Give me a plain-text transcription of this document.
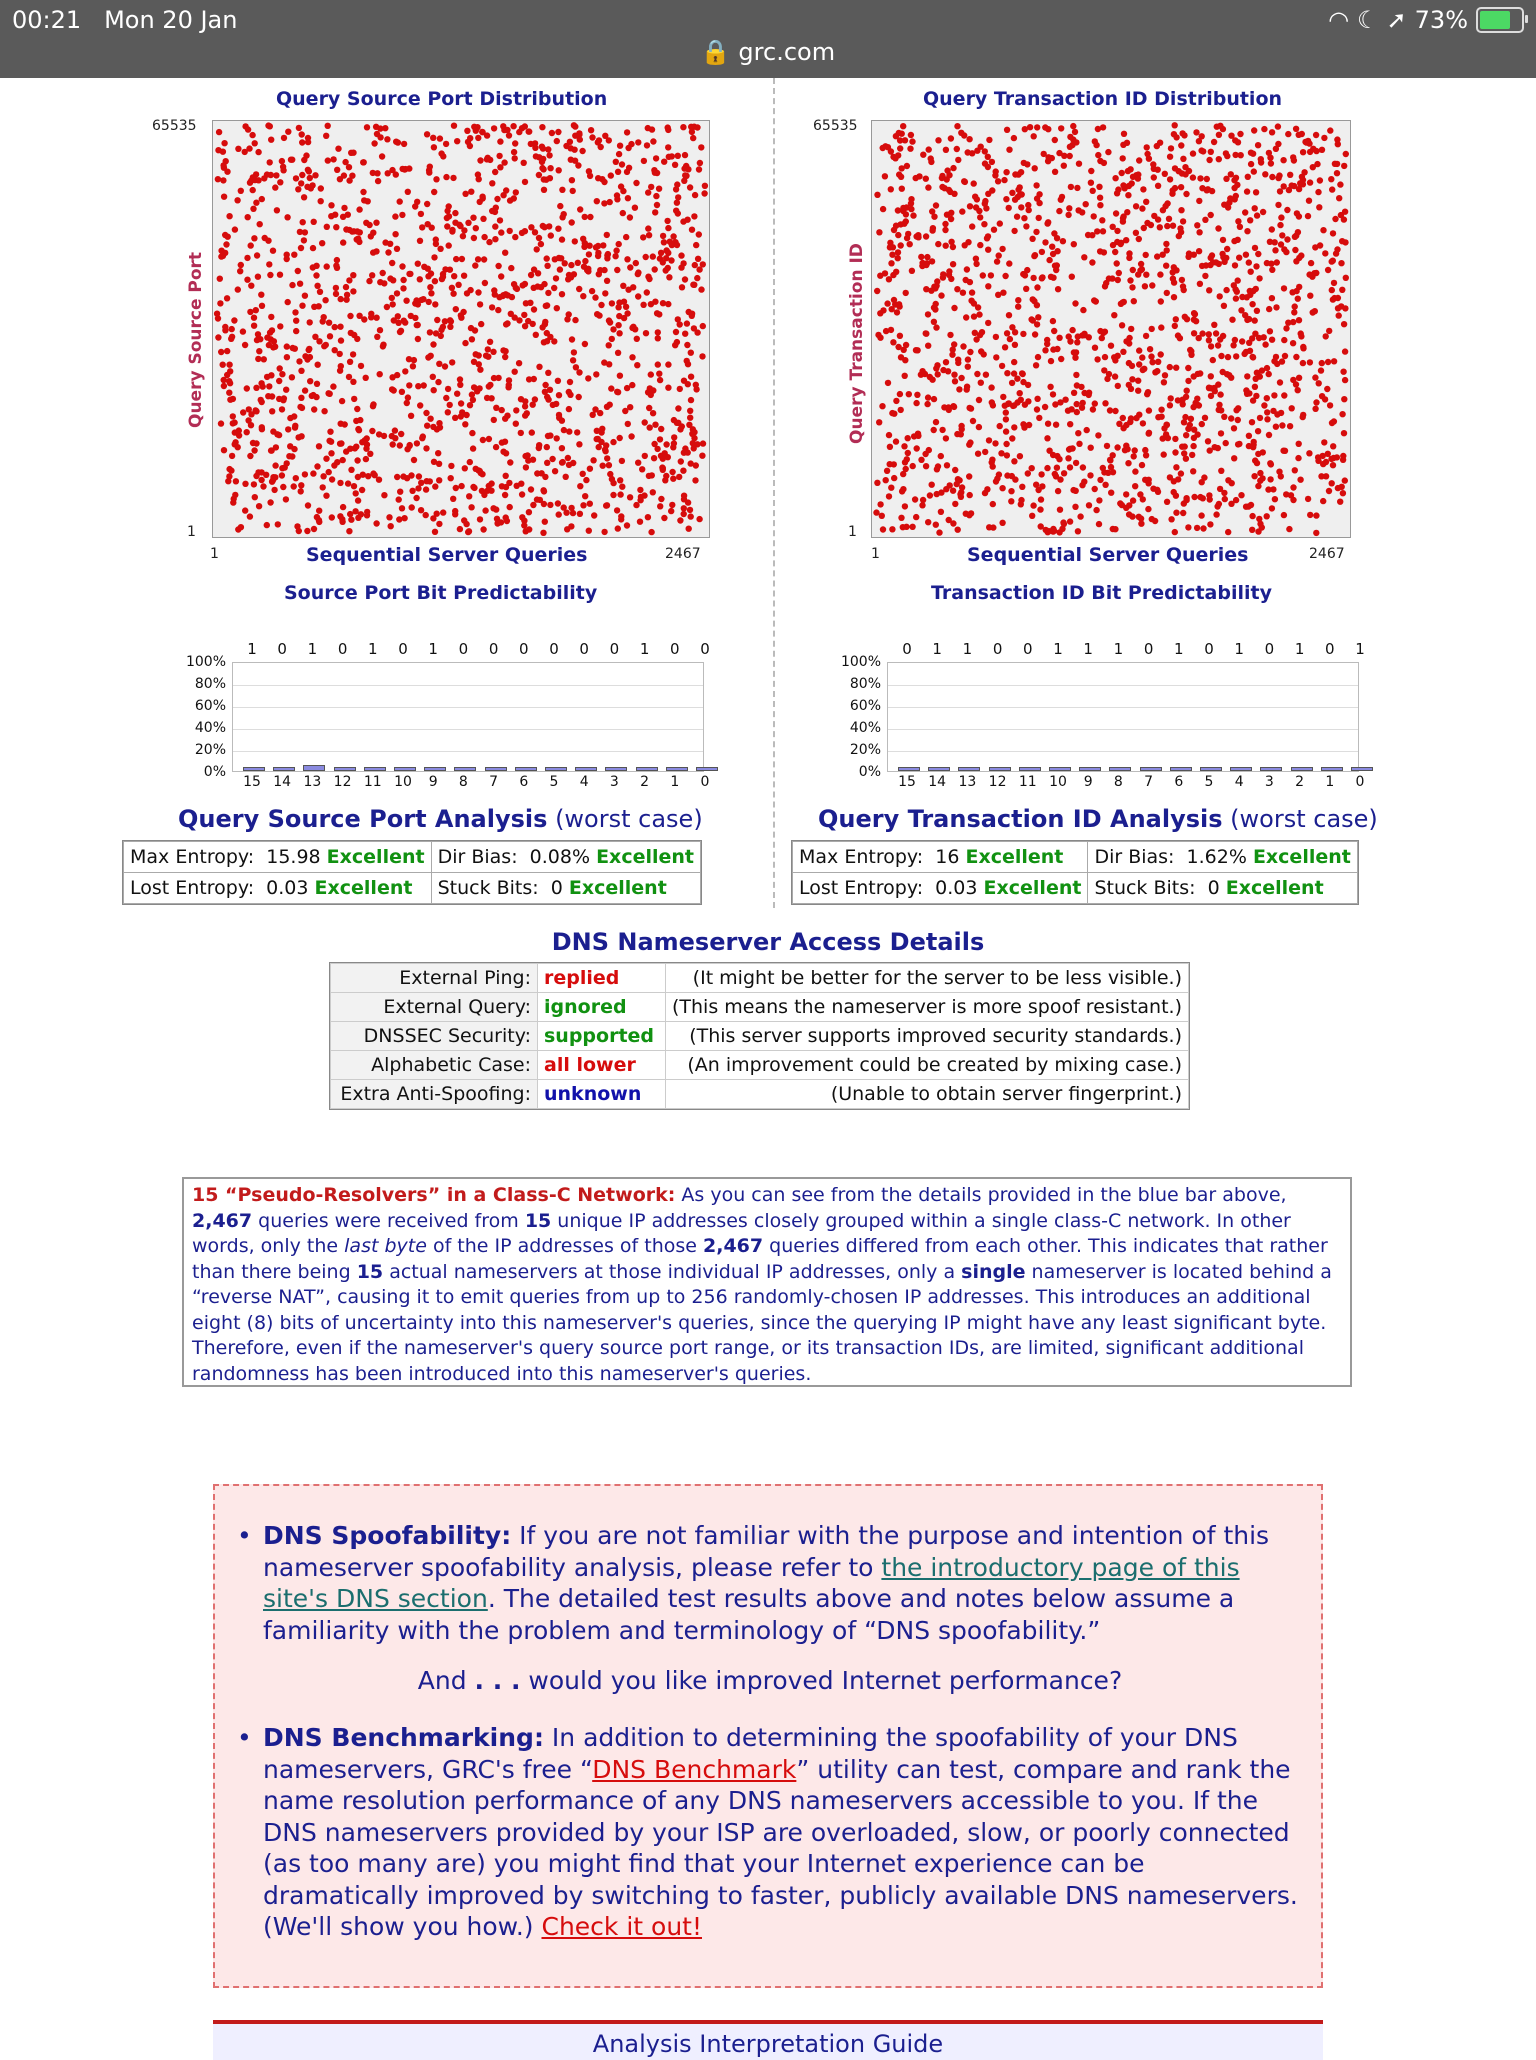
00:21 Mon 20 Jan
🔒 grc.com
◠ ☾ ➚ 73%
Query Source Port Distribution
Query Source Port
65535
1
1	2467
Sequential Server Queries
Source Port Bit Predictability
1	0	1	0	1	0	1	0	0	0	0	0	0	1	0	0
100%
80%
60%
40%
20%
0%
15 14 13 12 11 10	9	8	7	6	5	4	3	2	1	0
Query Source Port Analysis (worst case)
Max Entropy:  15.98 Excellent	Dir Bias:  0.08% Excellent
Lost Entropy:  0.03 Excellent	Stuck Bits:  0 Excellent
Query Transaction ID Distribution
Query Transaction ID
65535
1
1	2467
Sequential Server Queries
Transaction ID Bit Predictability
0	1	1	0	0	1	1	1	0	1	0	1	0	1	0	1
100%
80%
60%
40%
20%
0%
15 14 13 12 11 10	9	8	7	6	5	4	3	2	1	0
Query Transaction ID Analysis (worst case)
Max Entropy:  16 Excellent	Dir Bias:  1.62% Excellent
Lost Entropy:  0.03 Excellent	Stuck Bits:  0 Excellent
DNS Nameserver Access Details
External Ping:	replied	(It might be better for the server to be less visible.)
External Query:	ignored	(This means the nameserver is more spoof resistant.)
DNSSEC Security:	supported	(This server supports improved security standards.)
Alphabetic Case:	all lower	(An improvement could be created by mixing case.)
Extra Anti-Spoofing:	unknown	(Unable to obtain server fingerprint.)
15 “Pseudo-Resolvers” in a Class-C Network: As you can see from the details provided in the blue bar above, 2,467 queries were received from 15 unique IP addresses closely grouped within a single class-C network. In other words, only the last byte of the IP addresses of those 2,467 queries differed from each other. This indicates that rather than there being 15 actual nameservers at those individual IP addresses, only a single nameserver is located behind a “reverse NAT”, causing it to emit queries from up to 256 randomly-chosen IP addresses. This introduces an additional eight (8) bits of uncertainty into this nameserver's queries, since the querying IP might have any least significant byte. Therefore, even if the nameserver's query source port range, or its transaction IDs, are limited, significant additional randomness has been introduced into this nameserver's queries.
• DNS Spoofability: If you are not familiar with the purpose and intention of this nameserver spoofability analysis, please refer to the introductory page of this site's DNS section. The detailed test results above and notes below assume a familiarity with the problem and terminology of “DNS spoofability.”
And . . . would you like improved Internet performance?
• DNS Benchmarking: In addition to determining the spoofability of your DNS nameservers, GRC's free “DNS Benchmark” utility can test, compare and rank the name resolution performance of any DNS nameservers accessible to you. If the DNS nameservers provided by your ISP are overloaded, slow, or poorly connected (as too many are) you might find that your Internet experience can be dramatically improved by switching to faster, publicly available DNS nameservers. (We'll show you how.) Check it out!
Analysis Interpretation Guide
